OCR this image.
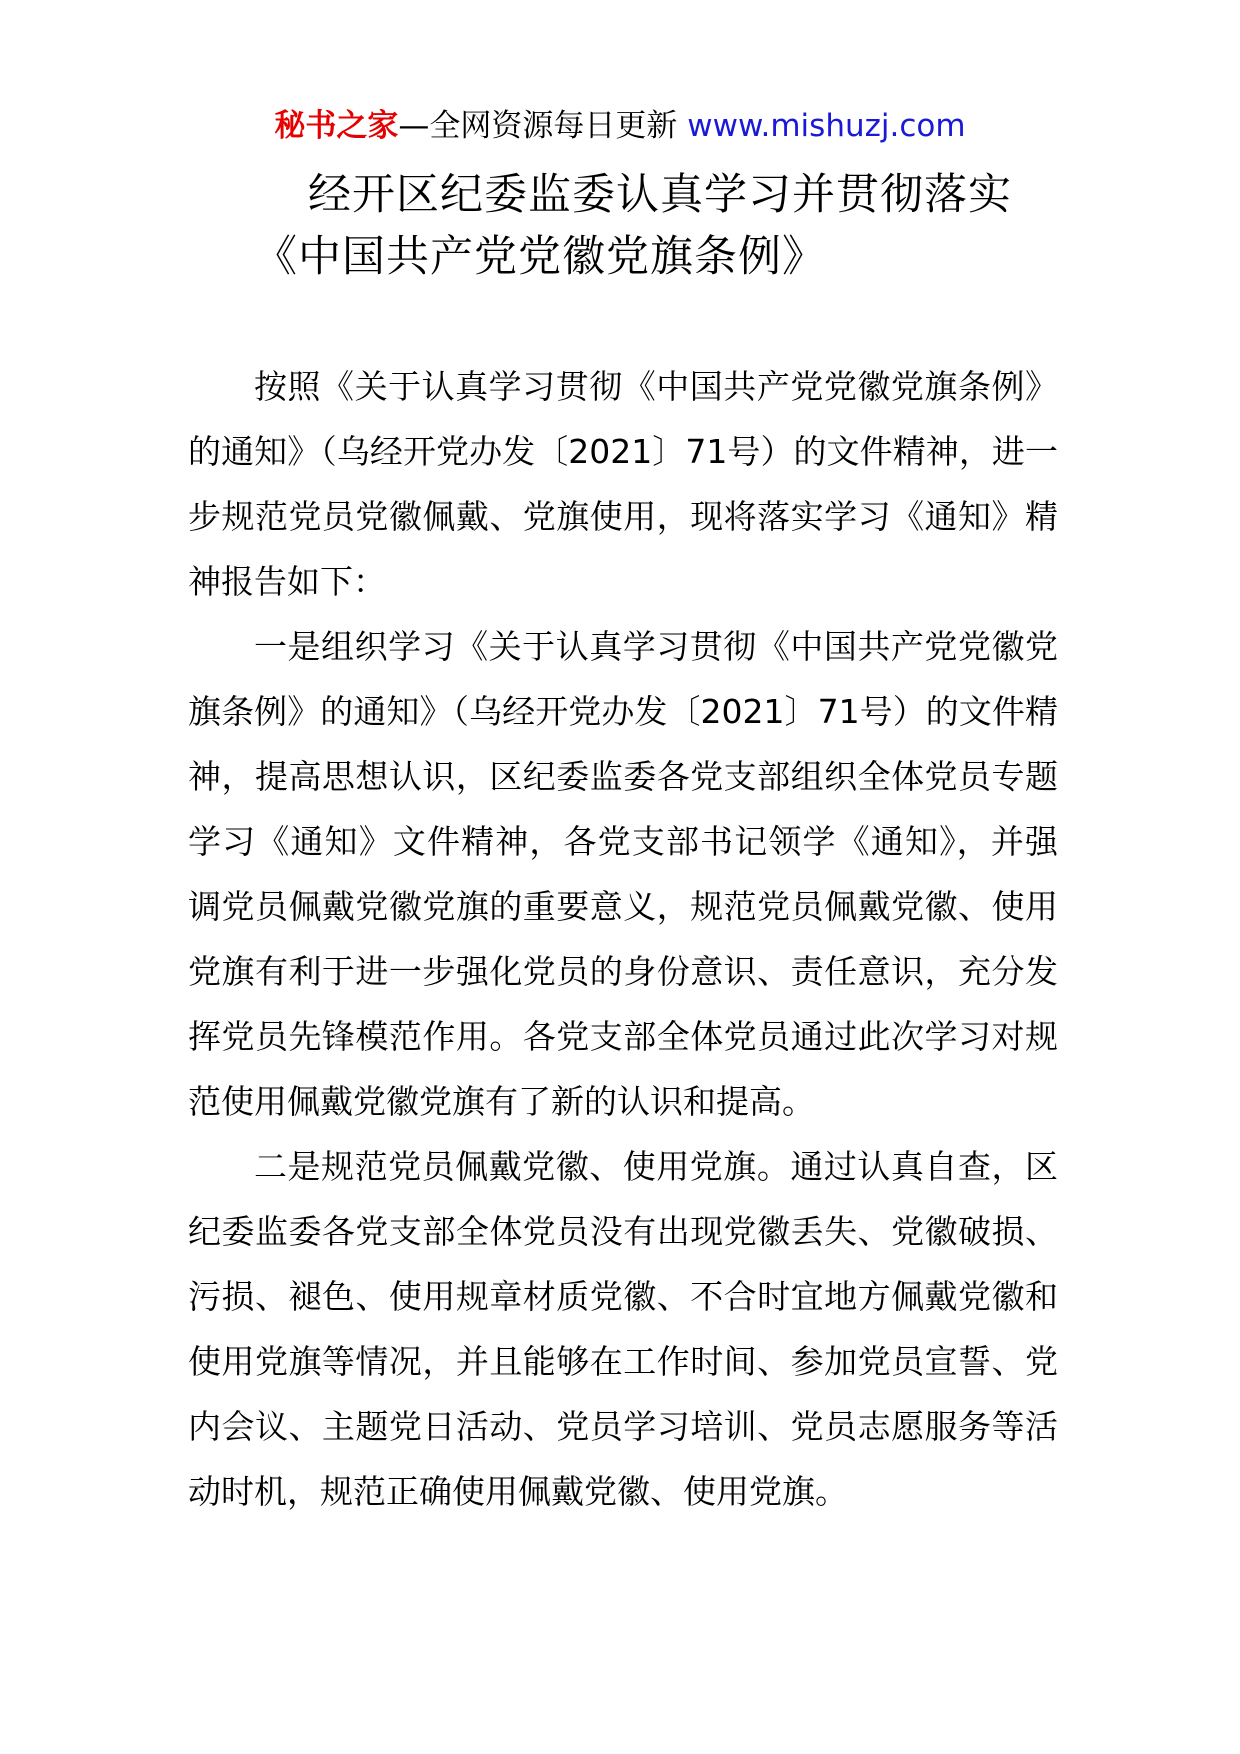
秘书之家—全网资源每日更新 www.mishuzj.com
经开区纪委监委认真学习并贯彻落实
《中国共产党党徽党旗条例》

按照《关于认真学习贯彻《中国共产党党徽党旗条例》的通知》（乌经开党办发〔2021〕71号）的文件精神，进一步规范党员党徽佩戴、党旗使用，现将落实学习《通知》精神报告如下：

一是组织学习《关于认真学习贯彻《中国共产党党徽党旗条例》的通知》（乌经开党办发〔2021〕71号）的文件精神，提高思想认识，区纪委监委各党支部组织全体党员专题学习《通知》文件精神，各党支部书记领学《通知》，并强调党员佩戴党徽党旗的重要意义，规范党员佩戴党徽、使用党旗有利于进一步强化党员的身份意识、责任意识，充分发挥党员先锋模范作用。各党支部全体党员通过此次学习对规范使用佩戴党徽党旗有了新的认识和提高。

二是规范党员佩戴党徽、使用党旗。通过认真自查，区纪委监委各党支部全体党员没有出现党徽丢失、党徽破损、污损、褪色、使用规章材质党徽、不合时宜地方佩戴党徽和使用党旗等情况，并且能够在工作时间、参加党员宣誓、党内会议、主题党日活动、党员学习培训、党员志愿服务等活动时机，规范正确使用佩戴党徽、使用党旗。
